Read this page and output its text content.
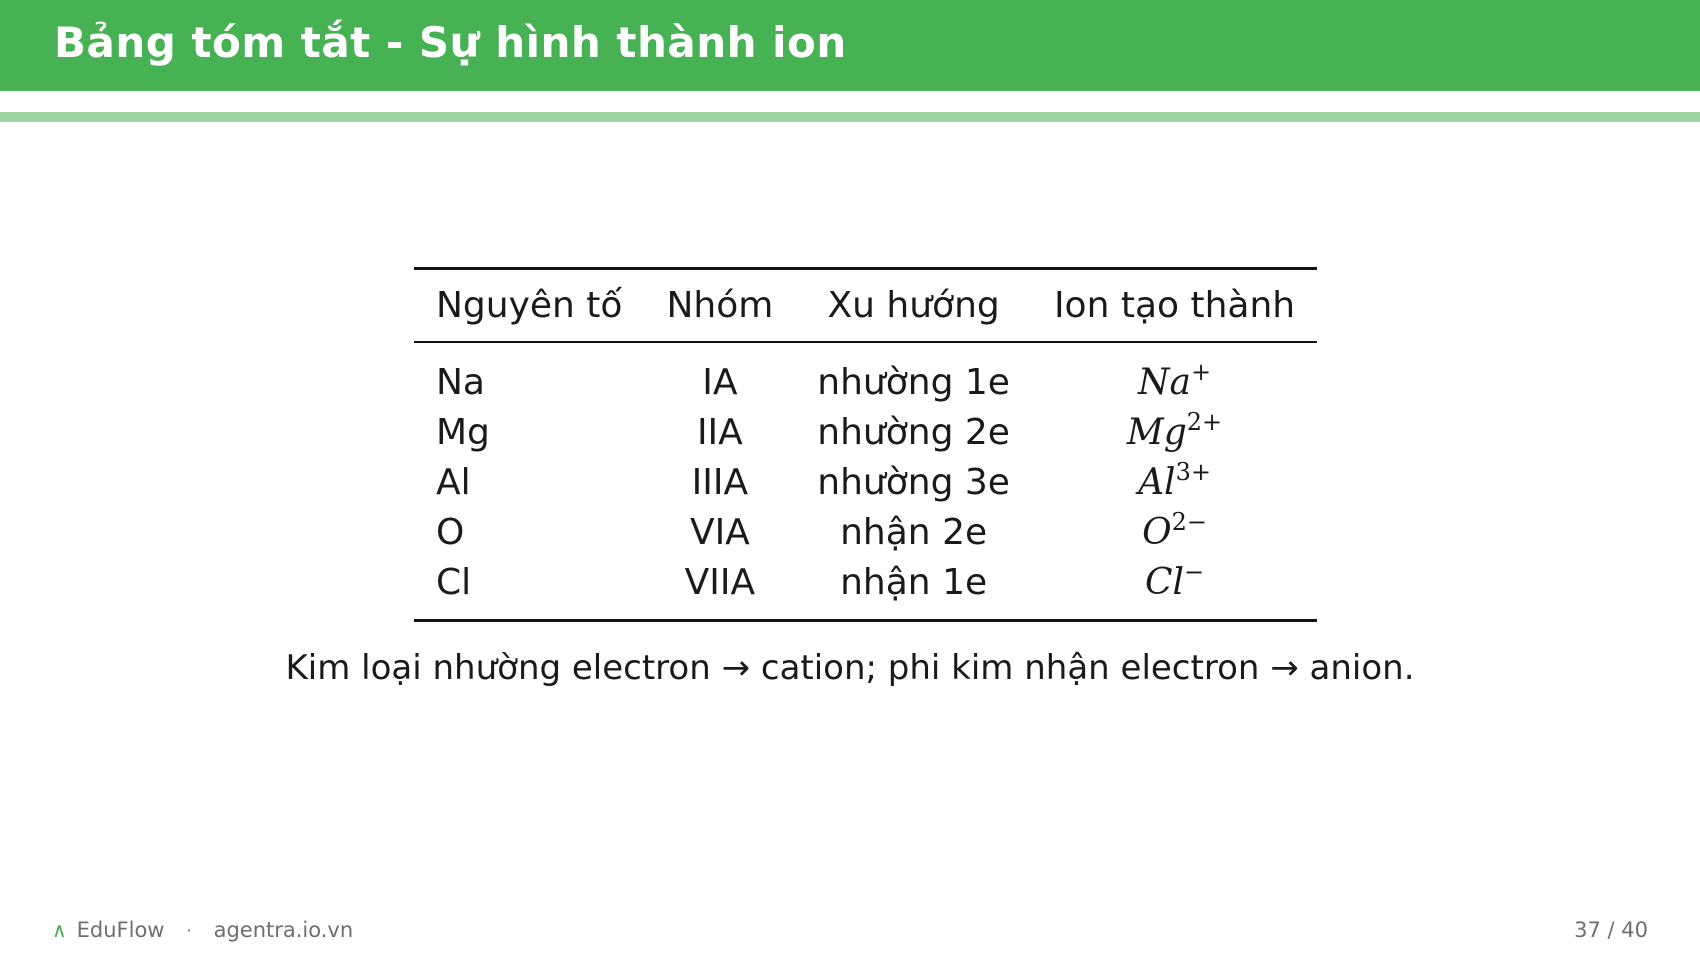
Bảng tóm tắt - Sự hình thành ion
Nguyên tố	Nhóm	Xu hướng	Ion tạo thành
Na	IA	nhường 1e	Na+
Mg	IIA	nhường 2e	$Mg^{2+}$
Al	IIIA	nhường 3e	$Al^{3+}$
O	VIA	nhận 2e	$O^{2-}$
Cl	VIIA	nhận 1e	Cl−
Kim loại nhường electron → cation; phi kim nhận electron → anion.
∧ EduFlow · agentra.io.vn	37 / 40
